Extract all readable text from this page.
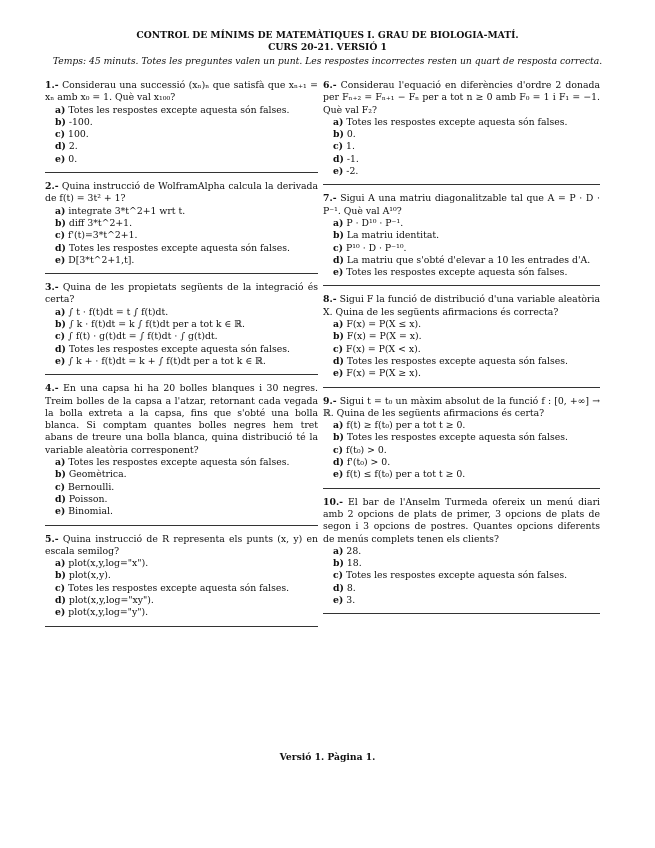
CONTROL DE MÍNIMS DE MATEMÀTIQUES I. GRAU DE BIOLOGIA-MATÍ.
CURS 20-21. VERSIÓ 1
Temps: 45 minuts. Totes les preguntes valen un punt. Les respostes incorrectes resten un quart de resposta correcta.
1.- Considerau una successió (xₙ)ₙ que satisfà que xₙ₊₁ = xₙ amb x₀ = 1. Què val x₁₀₀?
a) Totes les respostes excepte aquesta són falses.
b) -100.
c) 100.
d) 2.
e) 0.
2.- Quina instrucció de WolframAlpha calcula la derivada de f(t) = 3t² + 1?
a) integrate 3*t^2+1 wrt t.
b) diff 3*t^2+1.
c) f'(t)=3*t^2+1.
d) Totes les respostes excepte aquesta són falses.
e) D[3*t^2+1,t].
3.- Quina de les propietats següents de la integració és certa?
a) ∫ t · f(t)dt = t ∫ f(t)dt.
b) ∫ k · f(t)dt = k ∫ f(t)dt per a tot k ∈ ℝ.
c) ∫ f(t) · g(t)dt = ∫ f(t)dt · ∫ g(t)dt.
d) Totes les respostes excepte aquesta són falses.
e) ∫ k + · f(t)dt = k + ∫ f(t)dt per a tot k ∈ ℝ.
4.- En una capsa hi ha 20 bolles blanques i 30 negres. Treim bolles de la capsa a l'atzar, retornant cada vegada la bolla extreta a la capsa, fins que s'obté una bolla blanca. Si comptam quantes bolles negres hem tret abans de treure una bolla blanca, quina distribució té la variable aleatòria corresponent?
a) Totes les respostes excepte aquesta són falses.
b) Geomètrica.
c) Bernoulli.
d) Poisson.
e) Binomial.
5.- Quina instrucció de R representa els punts (x, y) en escala semilog?
a) plot(x,y,log="x").
b) plot(x,y).
c) Totes les respostes excepte aquesta són falses.
d) plot(x,y,log="xy").
e) plot(x,y,log="y").
6.- Considerau l'equació en diferències d'ordre 2 donada per Fₙ₊₂ = Fₙ₊₁ − Fₙ per a tot n ≥ 0 amb F₀ = 1 i F₁ = −1. Què val F₂?
a) Totes les respostes excepte aquesta són falses.
b) 0.
c) 1.
d) -1.
e) -2.
7.- Sigui A una matriu diagonalitzable tal que A = P · D · P⁻¹. Què val A¹⁰?
a) P · D¹⁰ · P⁻¹.
b) La matriu identitat.
c) P¹⁰ · D · P⁻¹⁰.
d) La matriu que s'obté d'elevar a 10 les entrades d'A.
e) Totes les respostes excepte aquesta són falses.
8.- Sigui F la funció de distribució d'una variable aleatòria X. Quina de les següents afirmacions és correcta?
a) F(x) = P(X ≤ x).
b) F(x) = P(X = x).
c) F(x) = P(X < x).
d) Totes les respostes excepte aquesta són falses.
e) F(x) = P(X ≥ x).
9.- Sigui t = t₀ un màxim absolut de la funció f : [0, +∞] → ℝ. Quina de les següents afirmacions és certa?
a) f(t) ≥ f(t₀) per a tot t ≥ 0.
b) Totes les respostes excepte aquesta són falses.
c) f(t₀) > 0.
d) f'(t₀) > 0.
e) f(t) ≤ f(t₀) per a tot t ≥ 0.
10.- El bar de l'Anselm Turmeda ofereix un menú diari amb 2 opcions de plats de primer, 3 opcions de plats de segon i 3 opcions de postres. Quantes opcions diferents de menús complets tenen els clients?
a) 28.
b) 18.
c) Totes les respostes excepte aquesta són falses.
d) 8.
e) 3.
Versió 1. Pàgina 1.
